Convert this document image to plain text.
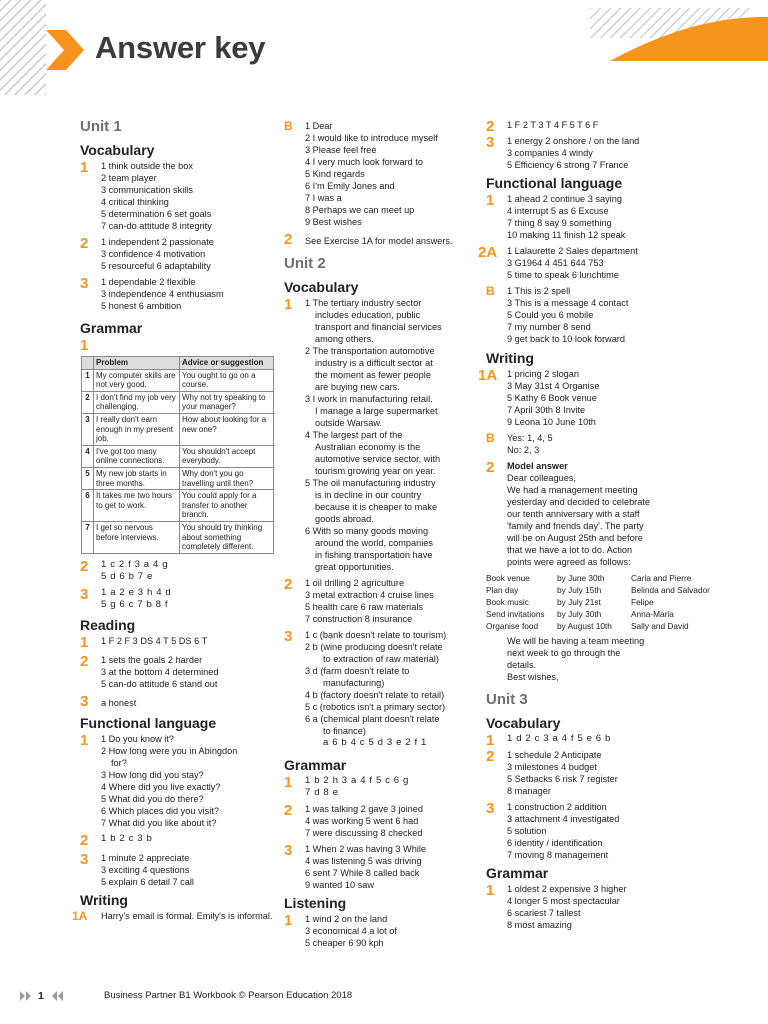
Answer key
Unit 1
Vocabulary
1	1 think outside the box
2 team player
3 communication skills
4 critical thinking
5 determination 6 set goals
7 can-do attitude 8 integrity
2	1 independent 2 passionate
3 confidence 4 motivation
5 resourceful 6 adaptability
3	1 dependable 2 flexible
3 independence 4 enthusiasm
5 honest 6 ambition
Grammar
1
	Problem	Advice or suggestion
1	My computer skills are not very good.	You ought to go on a course.
2	I don't find my job very challenging.	Why not try speaking to your manager?
3	I really don't earn enough in my present job.	How about looking for a new one?
4	I've got too many online connections.	You shouldn't accept everybody.
5	My new job starts in three months.	Why don't you go travelling until then?
6	It takes me two hours to get to work.	You could apply for a transfer to another branch.
7	I get so nervous before interviews.	You should try thinking about something completely different.
2	1 c 2 f 3 a 4 g
5 d 6 b 7 e
3	1 a 2 e 3 h 4 d
5 g 6 c 7 b 8 f
Reading
1	1 F 2 F 3 DS 4 T 5 DS 6 T
2	1 sets the goals 2 harder
3 at the bottom 4 determined
5 can-do attitude 6 stand out
3	a honest
Functional language
1	1 Do you know it?
2 How long were you in Abingdon
for?
3 How long did you stay?
4 Where did you live exactly?
5 What did you do there?
6 Which places did you visit?
7 What did you like about it?
2	1 b 2 c 3 b
3	1 minute 2 appreciate
3 exciting 4 questions
5 explain 6 detail 7 call
Writing
1A	Harry's email is formal. Emily's is informal.
B	1 Dear
2 I would like to introduce myself
3 Please feel free
4 I very much look forward to
5 Kind regards
6 I'm Emily Jones and
7 I was a
8 Perhaps we can meet up
9 Best wishes
2	See Exercise 1A for model answers.
Unit 2
Vocabulary
1	1 The tertiary industry sector
includes education, public
transport and financial services
among others.
2 The transportation automotive
industry is a difficult sector at
the moment as fewer people
are buying new cars.
3 I work in manufacturing retail.
I manage a large supermarket
outside Warsaw.
4 The largest part of the
Australian economy is the
automotive service sector, with
tourism growing year on year.
5 The oil manufacturing industry
is in decline in our country
because it is cheaper to make
goods abroad.
6 With so many goods moving
around the world, companies
in fishing transportation have
great opportunities.
2	1 oil drilling 2 agriculture
3 metal extraction 4 cruise lines
5 health care 6 raw materials
7 construction 8 insurance
3	1 c (bank doesn't relate to tourism)
2 b (wine producing doesn't relate
to extraction of raw material)
3 d (farm doesn't relate to
manufacturing)
4 b (factory doesn't relate to retail)
5 c (robotics isn't a primary sector)
6 a (chemical plant doesn't relate
to finance)
a 6 b 4 c 5 d 3 e 2 f 1
Grammar
1	1 b 2 h 3 a 4 f 5 c 6 g
7 d 8 e
2	1 was talking 2 gave 3 joined
4 was working 5 went 6 had
7 were discussing 8 checked
3	1 When 2 was having 3 While
4 was listening 5 was driving
6 sent 7 While 8 called back
9 wanted 10 saw
Listening
1	1 wind 2 on the land
3 economical 4 a lot of
5 cheaper 6 90 kph
2	1 F 2 T 3 T 4 F 5 T 6 F
3	1 energy 2 onshore / on the land
3 companies 4 windy
5 Efficiency 6 strong 7 France
Functional language
1	1 ahead 2 continue 3 saying
4 interrupt 5 as 6 Excuse
7 thing 8 say 9 something
10 making 11 finish 12 speak
2A	1 Lalaurette 2 Sales department
3 G1964 4 451 644 753
5 time to speak 6 lunchtime
B	1 This is 2 spell
3 This is a message 4 contact
5 Could you 6 mobile
7 my number 8 send
9 get back to 10 look forward
Writing
1A	1 pricing 2 slogan
3 May 31st 4 Organise
5 Kathy 6 Book venue
7 April 30th 8 Invite
9 Leona 10 June 10th
B	Yes: 1, 4, 5
No: 2, 3
2	Model answer
Dear colleagues,
We had a management meeting
yesterday and decided to celebrate
our tenth anniversary with a staff
'family and friends day'. The party
will be on August 25th and before
that we have a lot to do. Action
points were agreed as follows:
Book venue	by June 30th	Carla and Pierre
Plan day	by July 15th	Belinda and Salvador
Book music	by July 21st	Felipe
Send invitations	by July 30th	Anna-Maria
Organise food	by August 10th	Sally and David
We will be having a team meeting
next week to go through the
details.
Best wishes,
Unit 3
Vocabulary
1	1 d 2 c 3 a 4 f 5 e 6 b
2	1 schedule 2 Anticipate
3 milestones 4 budget
5 Setbacks 6 risk 7 register
8 manager
3	1 construction 2 addition
3 attachment 4 investigated
5 solution
6 identity / identification
7 moving 8 management
Grammar
1	1 oldest 2 expensive 3 higher
4 longer 5 most spectacular
6 scariest 7 tallest
8 most amazing
1	Business Partner B1 Workbook © Pearson Education 2018
